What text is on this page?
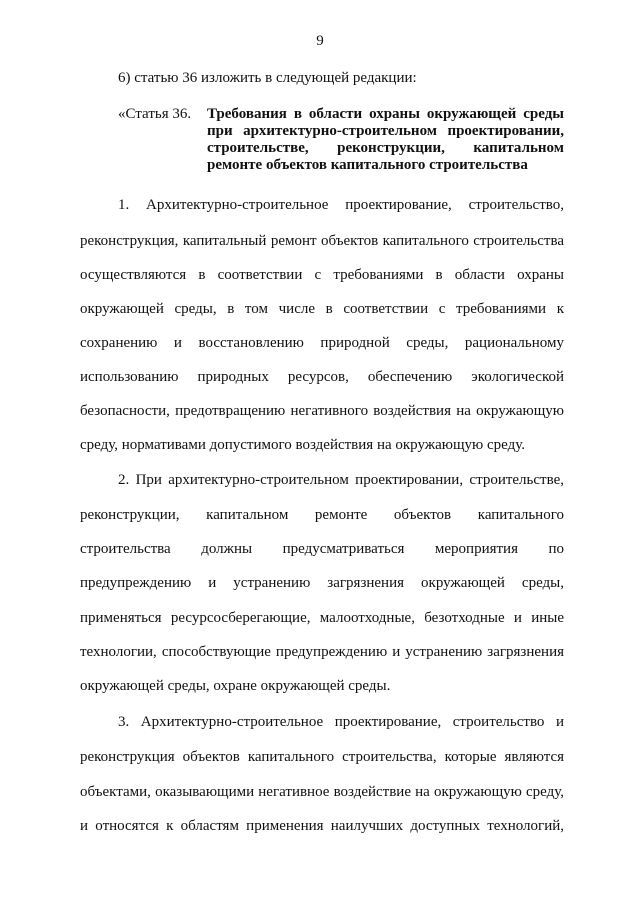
9
6) статью 36 изложить в следующей редакции:
«Статья 36. Требования в области охраны окружающей среды
при архитектурно-строительном проектировании,
строительстве, реконструкции, капитальном
ремонте объектов капитального строительства
1. Архитектурно-строительное проектирование, строительство,
реконструкция, капитальный ремонт объектов капитального строительства
осуществляются в соответствии с требованиями в области охраны
окружающей среды, в том числе в соответствии с требованиями к
сохранению и восстановлению природной среды, рациональному
использованию природных ресурсов, обеспечению экологической
безопасности, предотвращению негативного воздействия на окружающую
среду, нормативами допустимого воздействия на окружающую среду.
2. При архитектурно-строительном проектировании, строительстве,
реконструкции, капитальном ремонте объектов капитального
строительства должны предусматриваться мероприятия по
предупреждению и устранению загрязнения окружающей среды,
применяться ресурсосберегающие, малоотходные, безотходные и иные
технологии, способствующие предупреждению и устранению загрязнения
окружающей среды, охране окружающей среды.
3. Архитектурно-строительное проектирование, строительство и
реконструкция объектов капитального строительства, которые являются
объектами, оказывающими негативное воздействие на окружающую среду,
и относятся к областям применения наилучших доступных технологий,
